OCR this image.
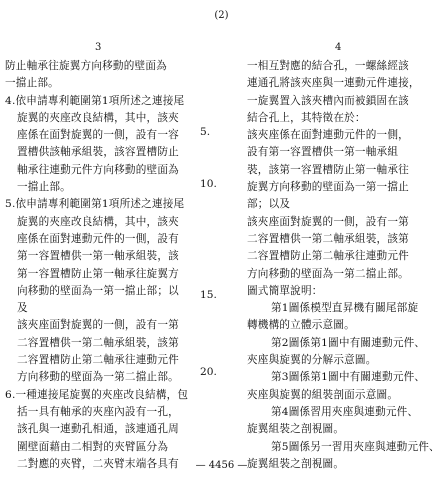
(2)
3	4

防止軸承往旋翼方向移動的壁面為

一擋止部。

4.依申請專利範圍第1項所述之連接尾

旋翼的夾座改良結構，其中，該夾

座係在面對旋翼的一側，設有一容

置槽供該軸承組裝，該容置槽防止

軸承往連動元件方向移動的壁面為

一擋止部。

5.依申請專利範圍第1項所述之連接尾

旋翼的夾座改良結構，其中，該夾

座係在面對連動元件的一側，設有

第一容置槽供一第一軸承組裝，該

第一容置槽防止第一軸承往旋翼方

向移動的壁面為一第一擋止部；以

及

該夾座面對旋翼的一側，設有一第

二容置槽供一第二軸承組裝，該第

二容置槽防止第二軸承往連動元件

方向移動的壁面為一第二擋止部。

6.一種連接尾旋翼的夾座改良結構，包

括一具有軸承的夾座內設有一孔，

該孔與一連動孔相通，該連通孔周

圍壁面藉由二相對的夾臂區分為

二對應的夾臂，二夾臂末端各具有

5.
10.
15.
20.

一相互對應的結合孔，一螺絲經該

連通孔將該夾座與一連動元件連接，

一旋翼置入該夾槽內而被鎖固在該

結合孔上，其特徵在於：

該夾座係在面對連動元件的一側，

設有第一容置槽供一第一軸承組

裝，該第一容置槽防止第一軸承往

旋翼方向移動的壁面為一第一擋止

部；以及

該夾座面對旋翼的一側，設有一第

二容置槽供一第二軸承組裝，該第

二容置槽防止第二軸承往連動元件

方向移動的壁面為一第二擋止部。

圖式簡單說明：

第1圖係模型直昇機有關尾部旋

轉機構的立體示意圖。

第2圖係第1圖中有關連動元件、

夾座與旋翼的分解示意圖。

第3圖係第1圖中有關連動元件、

夾座與旋翼的組裝剖面示意圖。

第4圖係習用夾座與連動元件、

旋翼組裝之剖視圖。

第5圖係另一習用夾座與連動元件、

旋翼組裝之剖視圖。

— 4456 —
